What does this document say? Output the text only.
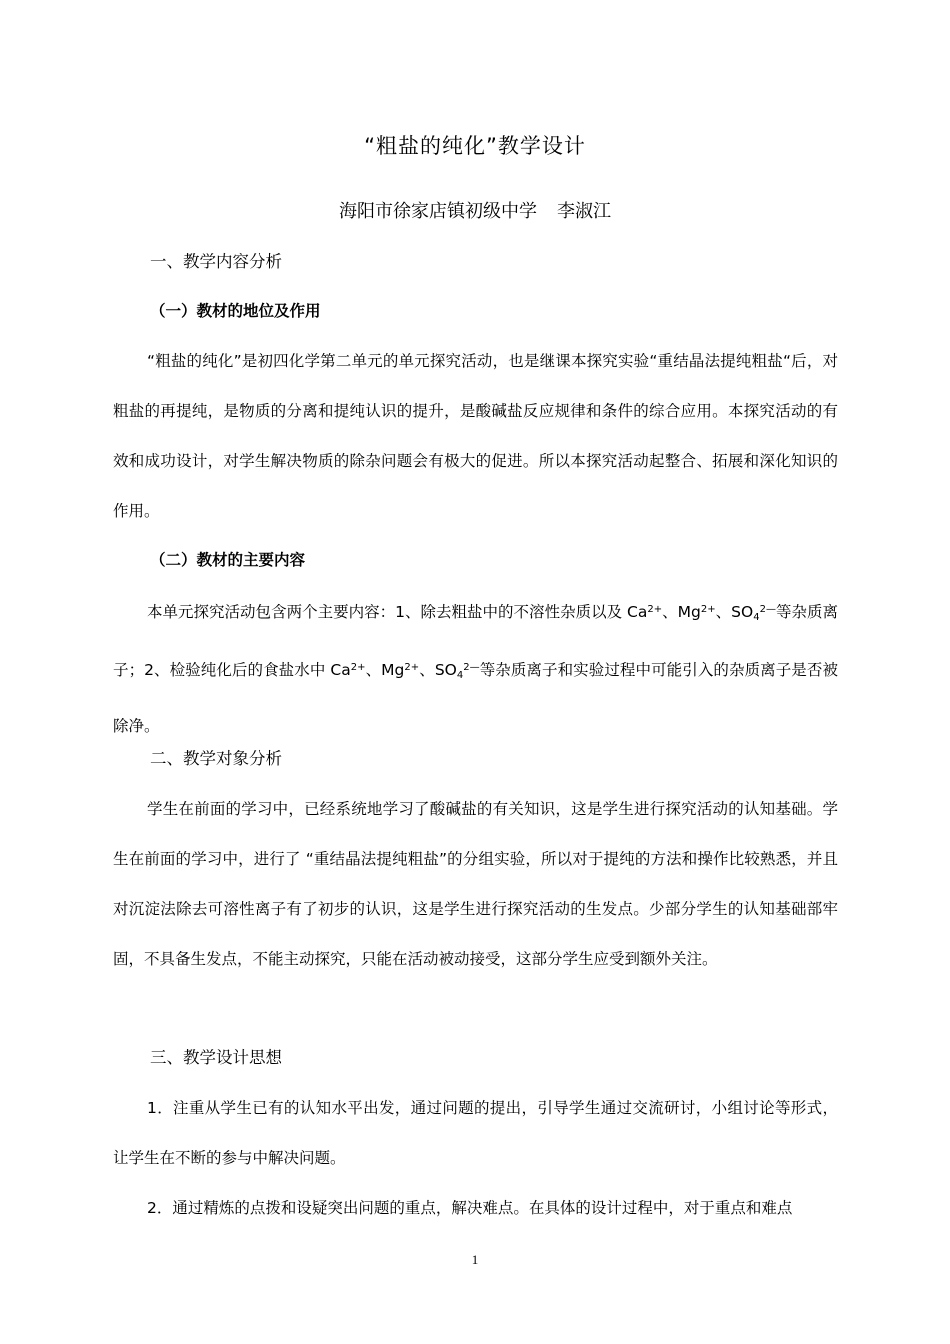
“粗盐的纯化”教学设计
海阳市徐家店镇初级中学 李淑江
一、教学内容分析
（一）教材的地位及作用
“粗盐的纯化”是初四化学第二单元的单元探究活动，也是继课本探究实验“重结晶法提纯粗盐“后，对粗盐的再提纯，是物质的分离和提纯认识的提升，是酸碱盐反应规律和条件的综合应用。本探究活动的有效和成功设计，对学生解决物质的除杂问题会有极大的促进。所以本探究活动起整合、拓展和深化知识的作用。
（二）教材的主要内容
本单元探究活动包含两个主要内容：1、除去粗盐中的不溶性杂质以及 $Ca^{2+}$、$Mg^{2+}$、$SO_4^{2—}$等杂质离子；2、检验纯化后的食盐水中 $Ca^{2+}$、$Mg^{2+}$、$SO_4^{2—}$等杂质离子和实验过程中可能引入的杂质离子是否被除净。
二、教学对象分析
学生在前面的学习中，已经系统地学习了酸碱盐的有关知识，这是学生进行探究活动的认知基础。学生在前面的学习中，进行了 “重结晶法提纯粗盐”的分组实验，所以对于提纯的方法和操作比较熟悉，并且对沉淀法除去可溶性离子有了初步的认识，这是学生进行探究活动的生发点。少部分学生的认知基础部牢固，不具备生发点，不能主动探究，只能在活动被动接受，这部分学生应受到额外关注。
三、教学设计思想
1．注重从学生已有的认知水平出发，通过问题的提出，引导学生通过交流研讨，小组讨论等形式，让学生在不断的参与中解决问题。
2．通过精炼的点拨和设疑突出问题的重点，解决难点。在具体的设计过程中，对于重点和难点
1
